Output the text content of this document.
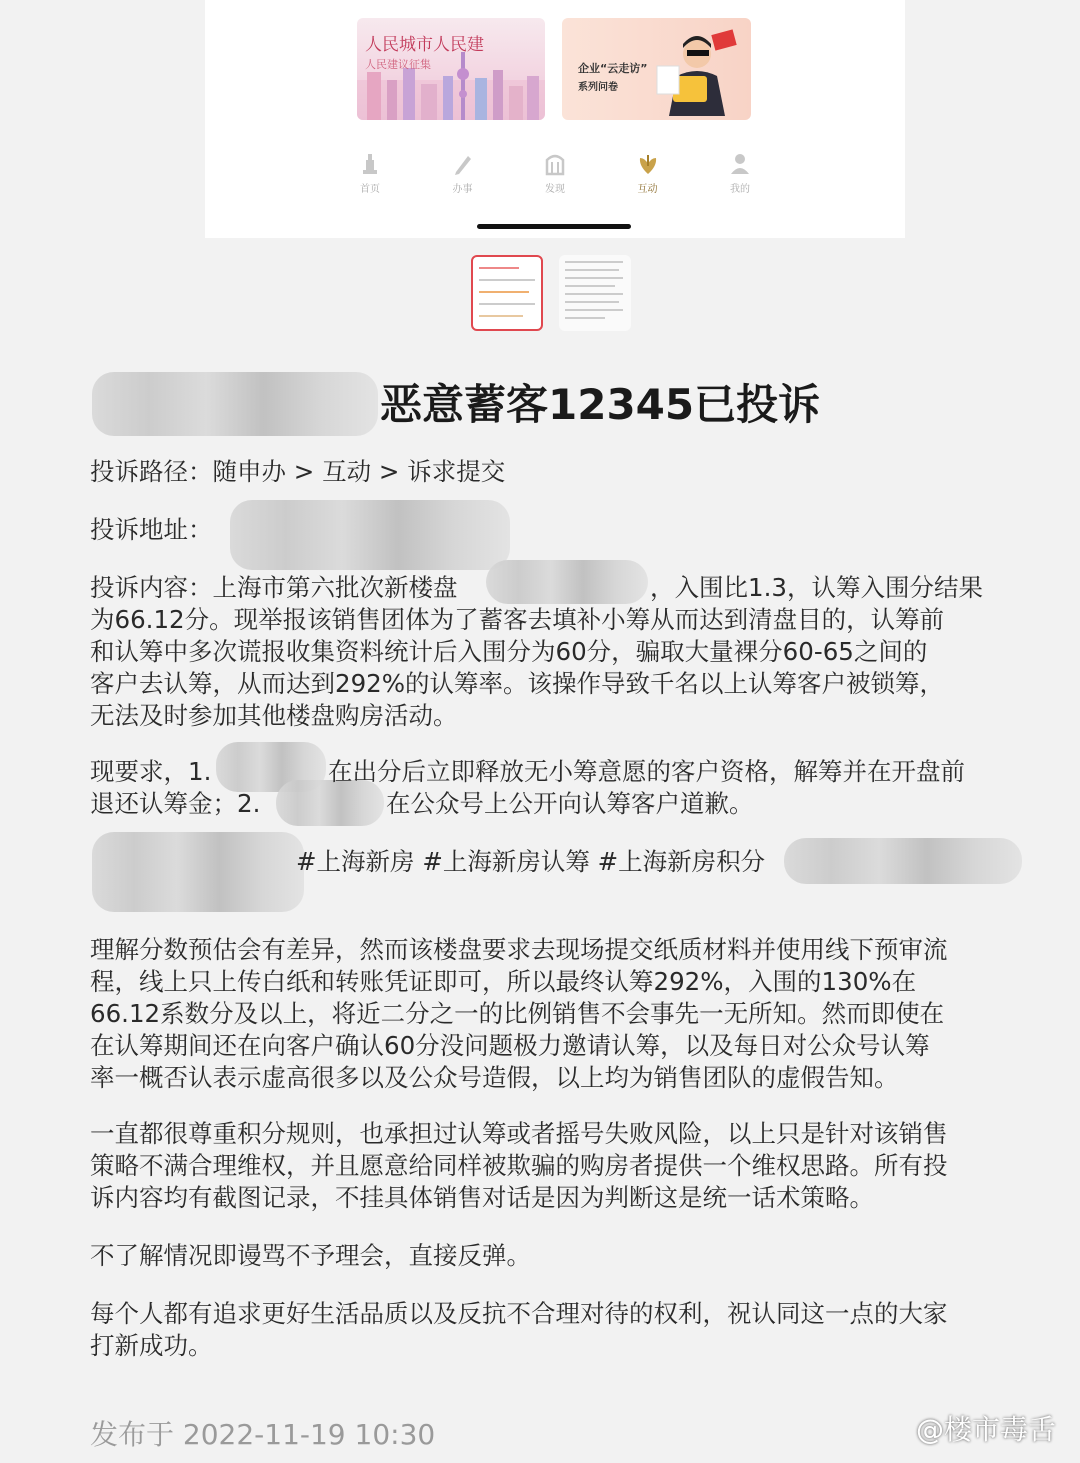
人民城市人民建
人民建议征集	企业“云走访”
系列问卷
首页	办事	发现	互动	我的
恶意蓄客12345已投诉
投诉路径：随申办 > 互动 > 诉求提交
投诉地址：
投诉内容：上海市第六批次新楼盘	，入围比1.3，认筹入围分结果
为66.12分。现举报该销售团体为了蓄客去填补小筹从而达到清盘目的，认筹前
和认筹中多次谎报收集资料统计后入围分为60分，骗取大量裸分60-65之间的
客户去认筹，从而达到292%的认筹率。该操作导致千名以上认筹客户被锁筹，
无法及时参加其他楼盘购房活动。
现要求，1.	在出分后立即释放无小筹意愿的客户资格，解筹并在开盘前
退还认筹金；2.	在公众号上公开向认筹客户道歉。
#上海新房 #上海新房认筹 #上海新房积分
理解分数预估会有差异，然而该楼盘要求去现场提交纸质材料并使用线下预审流
程，线上只上传白纸和转账凭证即可，所以最终认筹292%，入围的130%在
66.12系数分及以上，将近二分之一的比例销售不会事先一无所知。然而即使在
在认筹期间还在向客户确认60分没问题极力邀请认筹，以及每日对公众号认筹
率一概否认表示虚高很多以及公众号造假，以上均为销售团队的虚假告知。
一直都很尊重积分规则，也承担过认筹或者摇号失败风险，以上只是针对该销售
策略不满合理维权，并且愿意给同样被欺骗的购房者提供一个维权思路。所有投
诉内容均有截图记录，不挂具体销售对话是因为判断这是统一话术策略。
不了解情况即谩骂不予理会，直接反弹。
每个人都有追求更好生活品质以及反抗不合理对待的权利，祝认同这一点的大家
打新成功。
发布于 2022-11-19 10:30	@楼市毒舌
